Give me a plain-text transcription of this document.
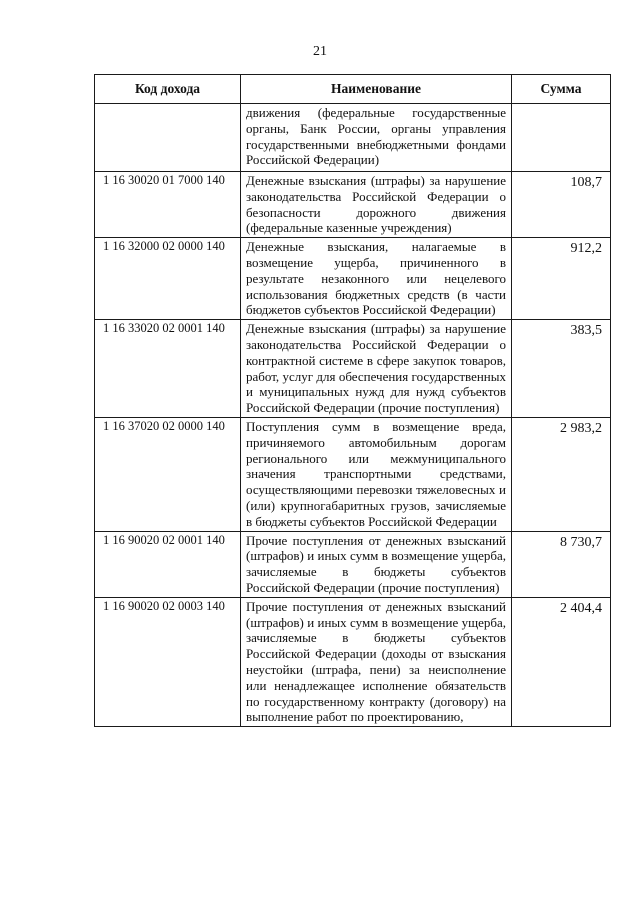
21
Код дохода	Наименование	Сумма
	движения (федеральные государственные органы, Банк России, органы управления государственными внебюджетными фондами Российской Федерации)	
1 16 30020 01 7000 140	Денежные взыскания (штрафы) за нарушение законодательства Российской Федерации о безопасности дорожного движения (федеральные казенные учреждения)	108,7
1 16 32000 02 0000 140	Денежные взыскания, налагаемые в возмещение ущерба, причиненного в результате незаконного или нецелевого использования бюджетных средств (в части бюджетов субъектов Российской Федерации)	912,2
1 16 33020 02 0001 140	Денежные взыскания (штрафы) за нарушение законодательства Российской Федерации о контрактной системе в сфере закупок товаров, работ, услуг для обеспечения государственных и муниципальных нужд для нужд субъектов Российской Федерации (прочие поступления)	383,5
1 16 37020 02 0000 140	Поступления сумм в возмещение вреда, причиняемого автомобильным дорогам регионального или межмуниципального значения транспортными средствами, осуществляющими перевозки тяжеловесных и (или) крупногабаритных грузов, зачисляемые в бюджеты субъектов Российской Федерации	2 983,2
1 16 90020 02 0001 140	Прочие поступления от денежных взысканий (штрафов) и иных сумм в возмещение ущерба, зачисляемые в бюджеты субъектов Российской Федерации (прочие поступления)	8 730,7
1 16 90020 02 0003 140	Прочие поступления от денежных взысканий (штрафов) и иных сумм в возмещение ущерба, зачисляемые в бюджеты субъектов Российской Федерации (доходы от взыскания неустойки (штрафа, пени) за неисполнение или ненадлежащее исполнение обязательств по государственному контракту (договору) на выполнение работ по проектированию,	2 404,4
